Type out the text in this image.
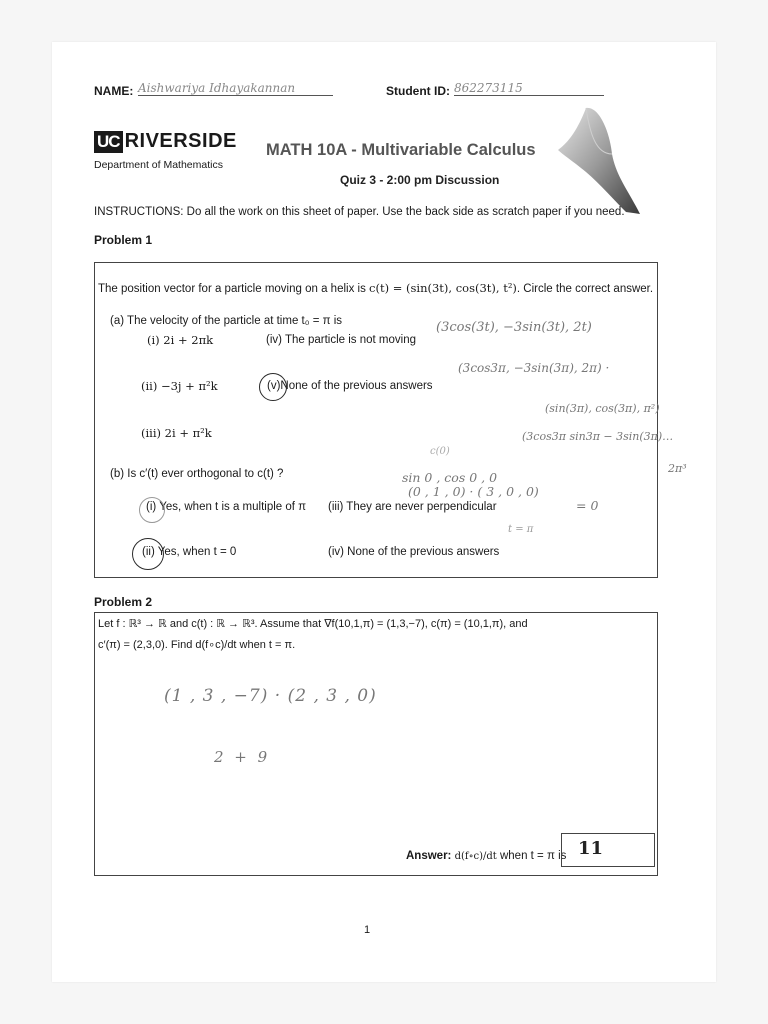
NAME: Aishwariya Idhayakannan	Student ID: 862273115
UC RIVERSIDE
Department of Mathematics
MATH 10A - Multivariable Calculus
Quiz 3 - 2:00 pm Discussion
INSTRUCTIONS: Do all the work on this sheet of paper. Use the back side as scratch paper if you need.
Problem 1
The position vector for a particle moving on a helix is c(t) = (sin(3t), cos(3t), t²). Circle the correct answer.
(a) The velocity of the particle at time t₀ = π is
(i) 2i + 2πk	(iv) The particle is not moving
(ii) −3j + π²k	(v)None of the previous answers
(iii) 2i + π²k
(b) Is c′(t) ever orthogonal to c(t) ?
(i) Yes, when t is a multiple of π (iii) They are never perpendicular
(ii) Yes, when t = 0	(iv) None of the previous answers
(3cos(3t), −3sin(3t), 2t)
(3cos3π, −3sin(3π), 2π) ·
(sin(3π), cos(3π), π²)
(3cos3π sin3π − 3sin(3π)…
2π³
c(0)
sin 0 , cos 0 , 0
(0 , 1 , 0) · ( 3 , 0 , 0)
= 0
t = π
Problem 2
Let f : ℝ³ → ℝ and c(t) : ℝ → ℝ³. Assume that ∇f(10,1,π) = (1,3,−7), c(π) = (10,1,π), and
c′(π) = (2,3,0). Find d(f∘c)/dt when t = π.
(1 , 3 , −7) · (2 , 3 , 0)
2 + 9
Answer: d(f∘c)/dt when t = π is 11
1
